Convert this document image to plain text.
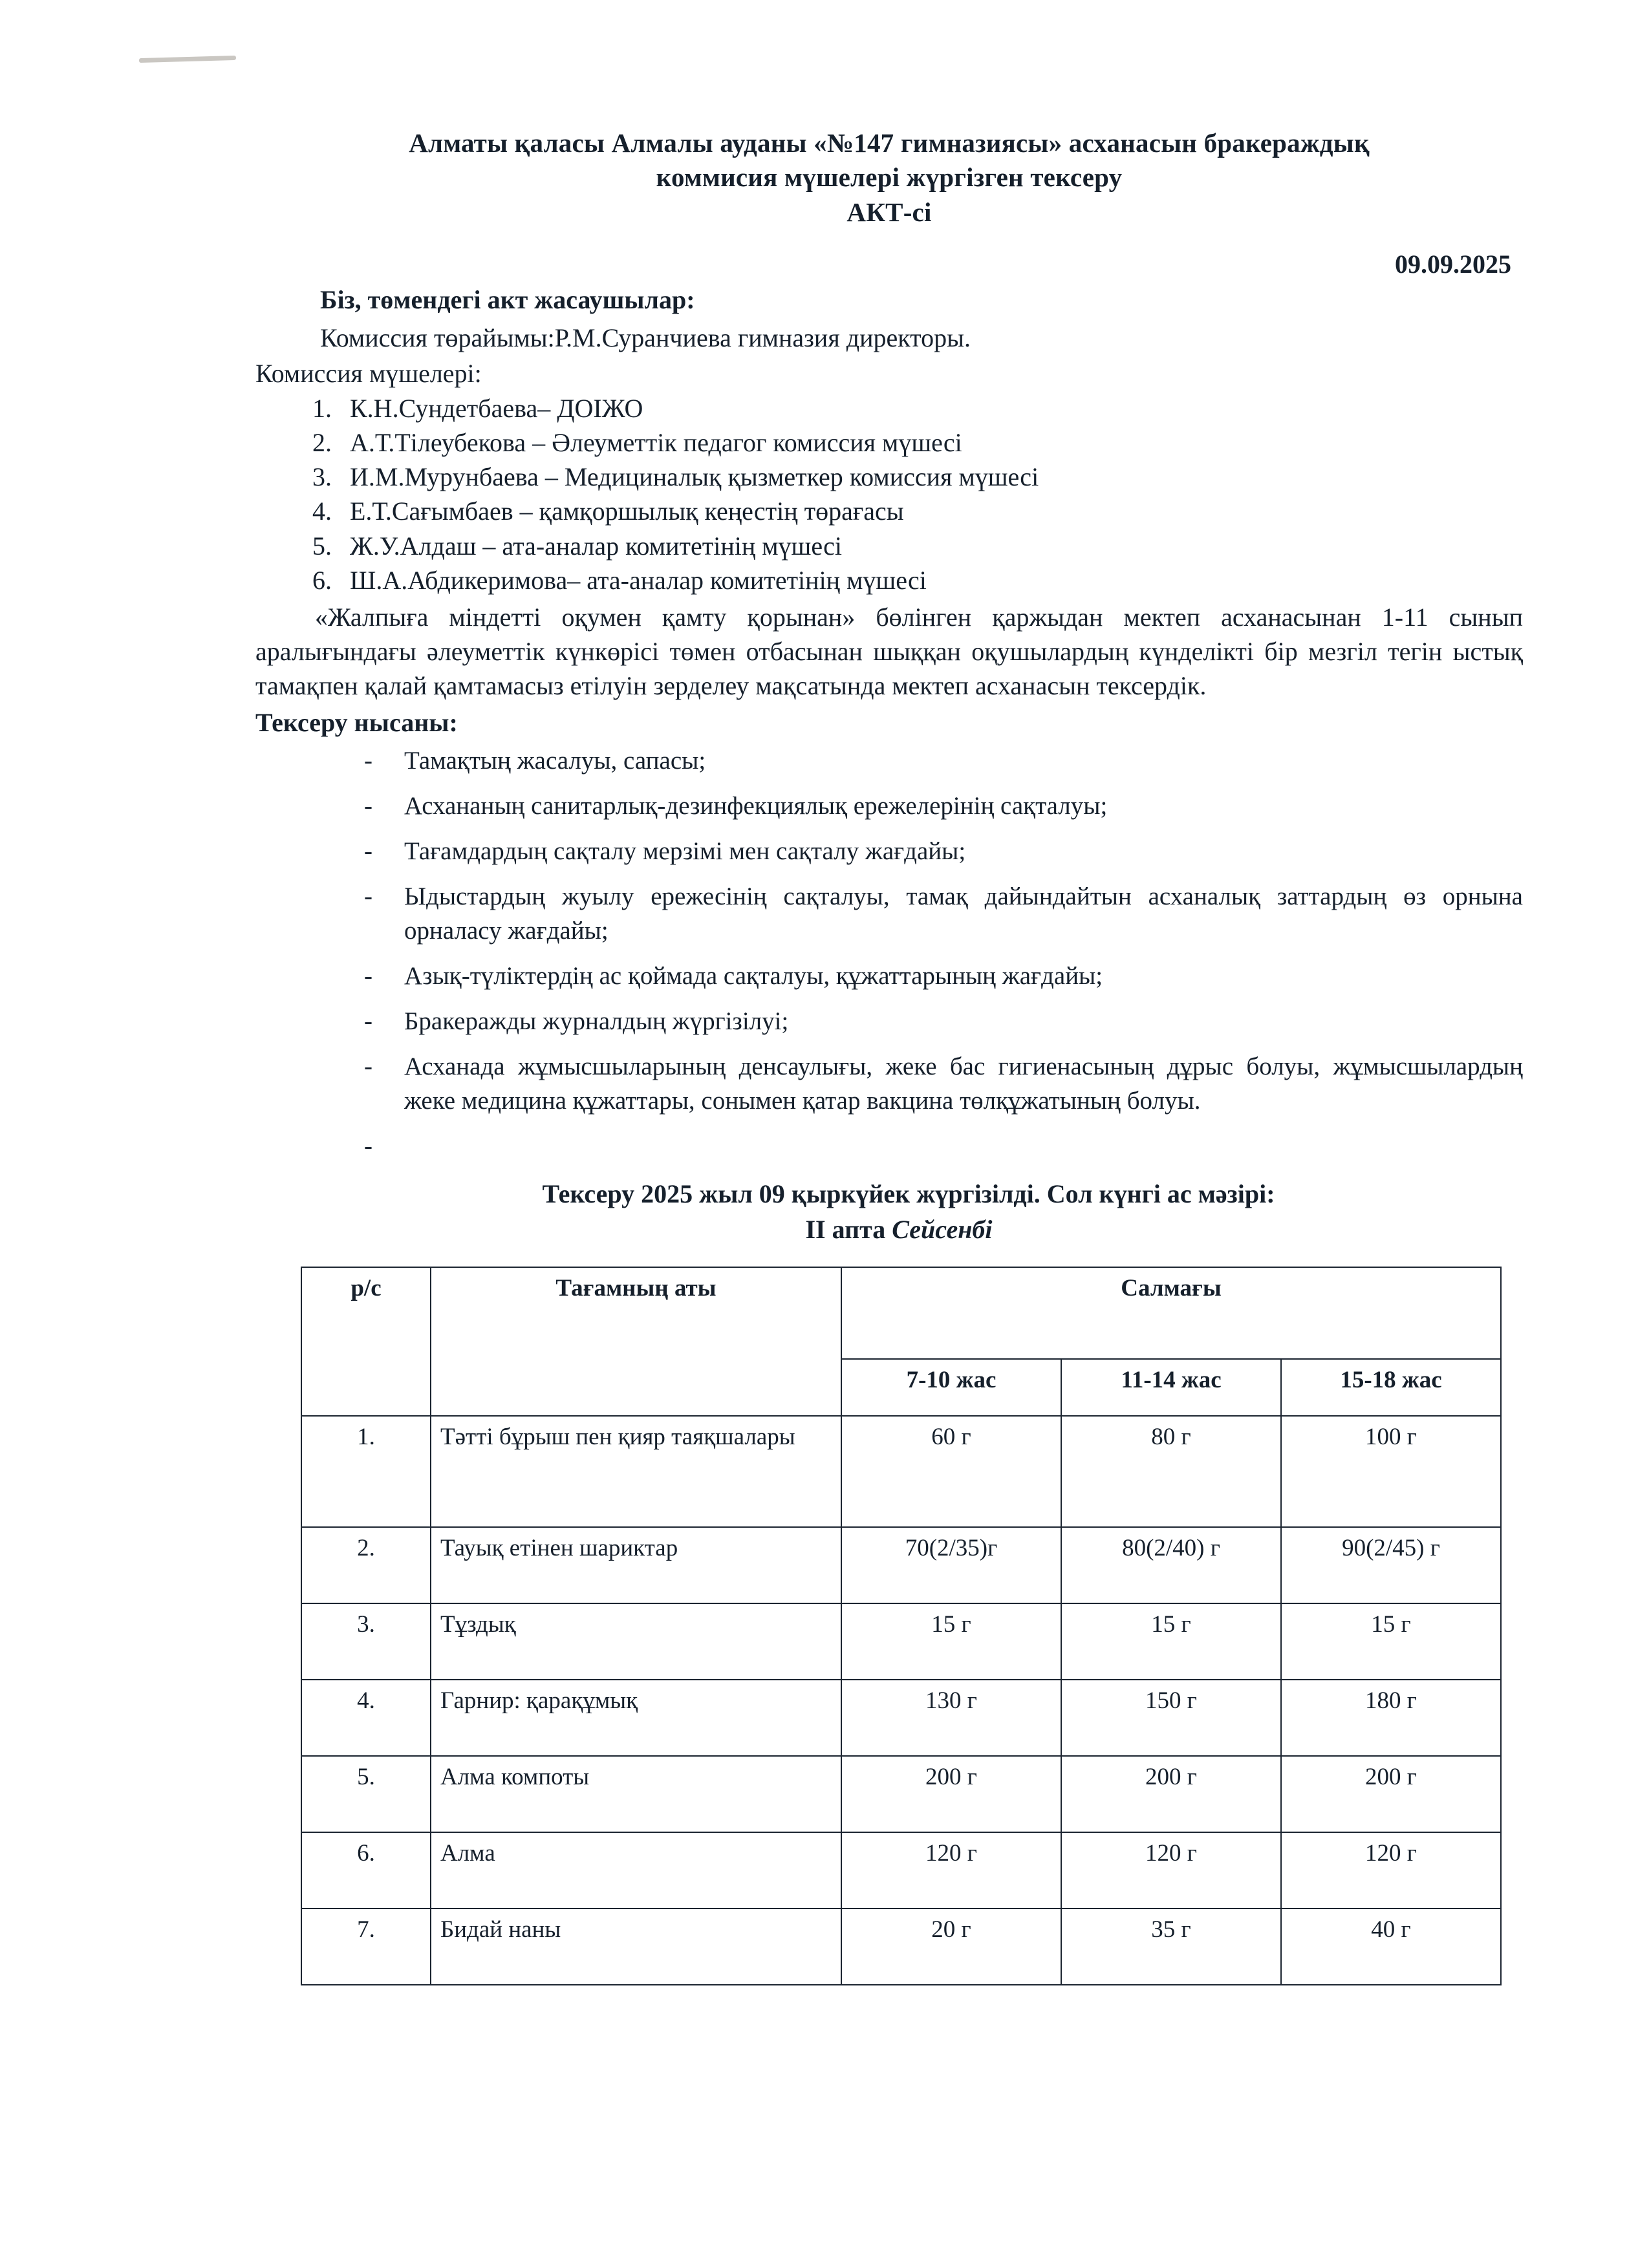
Алматы қаласы Алмалы ауданы «№147 гимназиясы» асханасын бракераждық
коммисия мүшелері жүргізген тексеру
АКТ-сі
09.09.2025
Біз, төмендегі акт жасаушылар:
Комиссия төрайымы:Р.М.Суранчиева гимназия директоры.
Комиссия мүшелері:
1. К.Н.Сундетбаева– ДОІЖО
2. А.Т.Тілеубекова – Әлеуметтік педагог комиссия мүшесі
3. И.М.Мурунбаева – Медициналық қызметкер комиссия мүшесі
4. Е.Т.Сағымбаев – қамқоршылық кеңестің төрағасы
5. Ж.У.Алдаш – ата-аналар комитетінің мүшесі
6. Ш.А.Абдикеримова– ата-аналар комитетінің мүшесі
«Жалпыға міндетті оқумен қамту қорынан» бөлінген қаржыдан мектеп асханасынан 1-11 сынып аралығындағы әлеуметтік күнкөрісі төмен отбасынан шыққан оқушылардың күнделікті бір мезгіл тегін ыстық тамақпен қалай қамтамасыз етілуін зерделеу мақсатында мектеп асханасын тексердік.
Тексеру нысаны:
- Тамақтың жасалуы, сапасы;
- Асхананың санитарлық-дезинфекциялық ережелерінің сақталуы;
- Тағамдардың сақталу мерзімі мен сақталу жағдайы;
- Ыдыстардың жуылу ережесінің сақталуы, тамақ дайындайтын асханалық заттардың өз орнына орналасу жағдайы;
- Азық-түліктердің ас қоймада сақталуы, құжаттарының жағдайы;
- Бракеражды журналдың жүргізілуі;
- Асханада жұмысшыларының денсаулығы, жеке бас гигиенасының дұрыс болуы, жұмысшылардың жеке медицина құжаттары, сонымен қатар вакцина төлқұжатының болуы.
-
Тексеру 2025 жыл 09 қыркүйек жүргізілді. Сол күнгі ас мәзірі:
II апта Сейсенбі
р/с	Тағамның аты	Салмағы		
		7-10 жас	11-14 жас	15-18 жас
1.	Тәтті бұрыш пен қияр таяқшалары	60 г	80 г	100 г
2.	Тауық етінен шариктар	70(2/35)г	80(2/40) г	90(2/45) г
3.	Тұздық	15 г	15 г	15 г
4.	Гарнир: қарақұмық	130 г	150 г	180 г
5.	Алма компоты	200 г	200 г	200 г
6.	Алма	120 г	120 г	120 г
7.	Бидай наны	20 г	35 г	40 г
